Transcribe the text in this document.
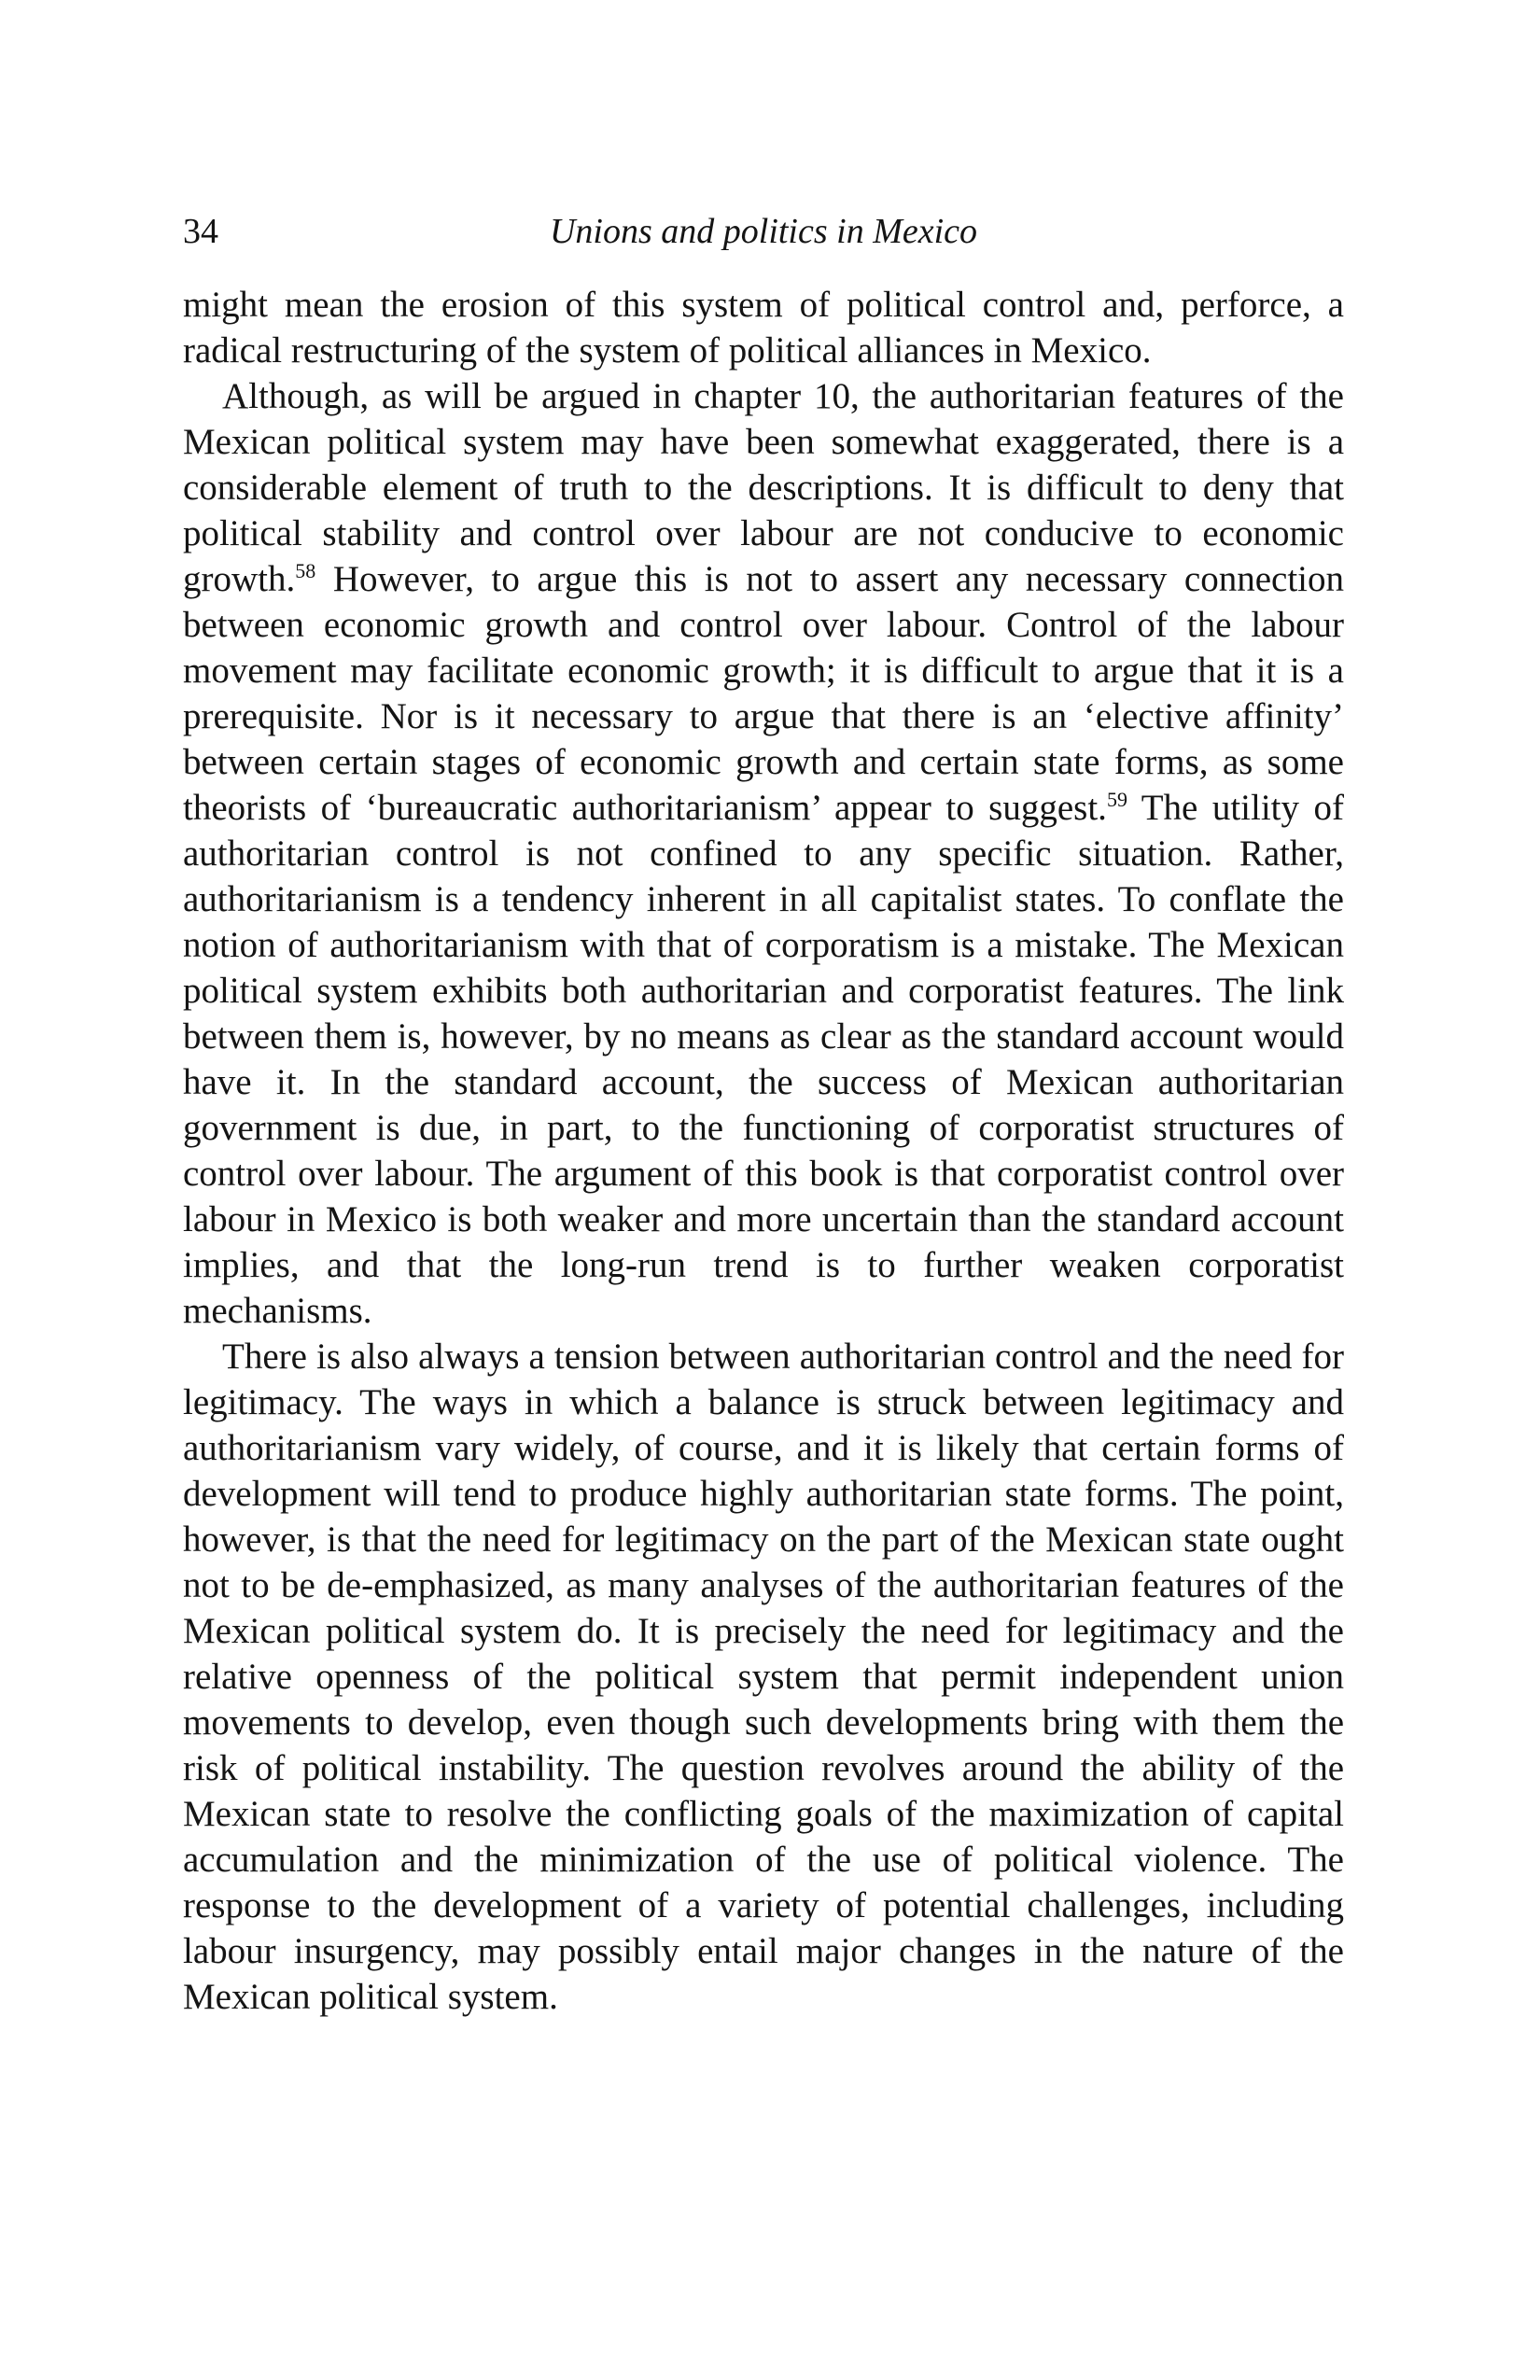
34	Unions and politics in Mexico

might mean the erosion of this system of political control and, perforce, a radical restructuring of the system of political alliances in Mexico.

Although, as will be argued in chapter 10, the authoritarian features of the Mexican political system may have been somewhat exaggerated, there is a considerable element of truth to the descriptions. It is difficult to deny that political stability and control over labour are not conducive to economic growth.$^{58}$ However, to argue this is not to assert any necessary connection between economic growth and control over labour. Control of the labour movement may facilitate economic growth; it is difficult to argue that it is a prerequisite. Nor is it necessary to argue that there is an ‘elective affinity’ between certain stages of economic growth and certain state forms, as some theorists of ‘bureaucratic authoritarianism’ appear to suggest.$^{59}$ The utility of authoritarian control is not confined to any specific situation. Rather, authoritarianism is a tendency inherent in all capitalist states. To conflate the notion of authoritarianism with that of corporatism is a mistake. The Mexican political system exhibits both authoritarian and corporatist features. The link between them is, however, by no means as clear as the standard account would have it. In the standard account, the success of Mexican authoritarian government is due, in part, to the functioning of corporatist structures of control over labour. The argument of this book is that corporatist control over labour in Mexico is both weaker and more uncertain than the standard account implies, and that the long-run trend is to further weaken corporatist mechanisms.

There is also always a tension between authoritarian control and the need for legitimacy. The ways in which a balance is struck between legitimacy and authoritarianism vary widely, of course, and it is likely that certain forms of development will tend to produce highly authoritarian state forms. The point, however, is that the need for legitimacy on the part of the Mexican state ought not to be de-emphasized, as many analyses of the authoritarian features of the Mexican political system do. It is precisely the need for legitimacy and the relative openness of the political system that permit independent union movements to develop, even though such developments bring with them the risk of political instability. The question revolves around the ability of the Mexican state to resolve the conflicting goals of the maximization of capital accumulation and the minimization of the use of political violence. The response to the development of a variety of potential challenges, including labour insurgency, may possibly entail major changes in the nature of the Mexican political system.
